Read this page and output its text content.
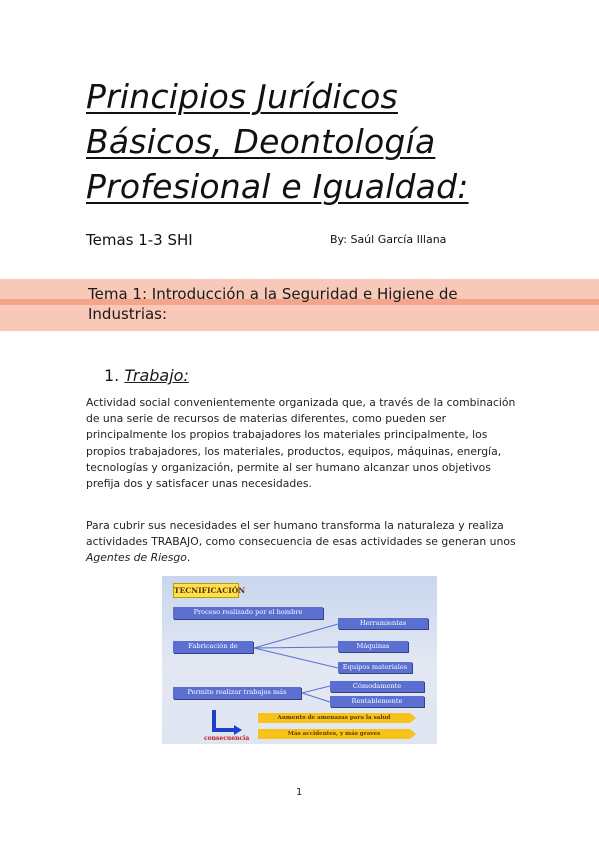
Principios Jurídicos
Básicos, Deontología
Profesional e Igualdad:
Temas 1-3 SHI	By: Saúl García Illana
Tema 1: Introducción a la Seguridad e Higiene de Industrias:
1. Trabajo:

Actividad social convenientemente organizada que, a través de la combinación de una serie de recursos de materias diferentes, como pueden ser principalmente los propios trabajadores los materiales principalmente, los propios trabajadores, los materiales, productos, equipos, máquinas, energía, tecnologías y organización, permite al ser humano alcanzar unos objetivos prefija dos y satisfacer unas necesidades.

Para cubrir sus necesidades el ser humano transforma la naturaleza y realiza actividades TRABAJO, como consecuencia de esas actividades se generan unos Agentes de Riesgo.

TECNIFICACIÓN
Proceso realizado por el hombre
Fabricación de
Herramientas
Máquinas
Equipos materiales
Permite realizar trabajos más
Cómodamente
Rentablemente
Aumento de amenazas para la salud
Más accidentes, y más graves
consecuencia
1
